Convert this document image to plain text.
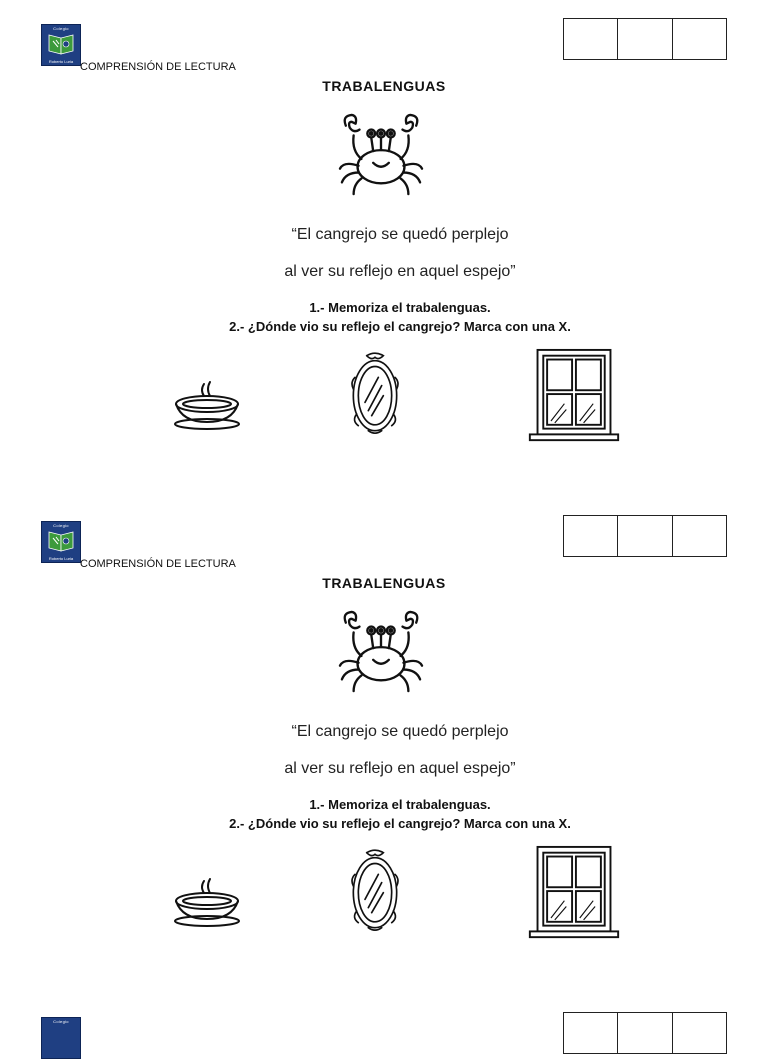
Colegio
Roberto Luria COMPRENSIÓN DE LECTURA
TRABALENGUAS
“El cangrejo se quedó perplejo
al ver su reflejo en aquel espejo”
1.- Memoriza el trabalenguas.
2.- ¿Dónde vio su reflejo el cangrejo? Marca con una X.
Colegio
Roberto Luria COMPRENSIÓN DE LECTURA
TRABALENGUAS
“El cangrejo se quedó perplejo
al ver su reflejo en aquel espejo”
1.- Memoriza el trabalenguas.
2.- ¿Dónde vio su reflejo el cangrejo? Marca con una X.
Colegio
